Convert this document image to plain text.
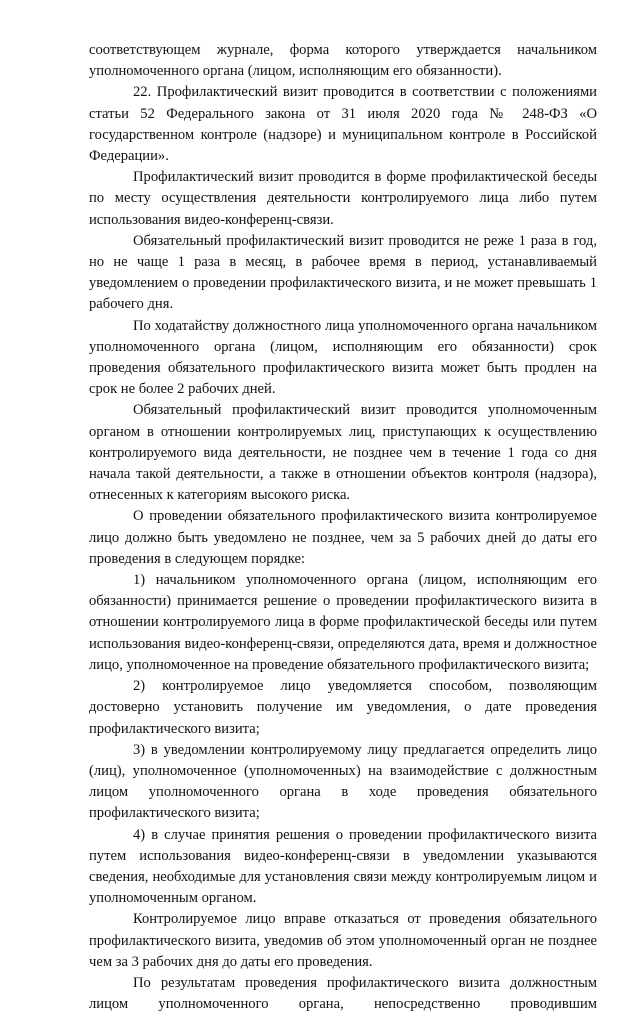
соответствующем журнале, форма которого утверждается начальником уполномоченного органа (лицом, исполняющим его обязанности).

22. Профилактический визит проводится в соответствии с положениями статьи 52 Федерального закона от 31 июля 2020 года № 248-ФЗ «О государственном контроле (надзоре) и муниципальном контроле в Российской Федерации».

Профилактический визит проводится в форме профилактической беседы по месту осуществления деятельности контролируемого лица либо путем использования видео-конференц-связи.

Обязательный профилактический визит проводится не реже 1 раза в год, но не чаще 1 раза в месяц, в рабочее время в период, устанавливаемый уведомлением о проведении профилактического визита, и не может превышать 1 рабочего дня.

По ходатайству должностного лица уполномоченного органа начальником уполномоченного органа (лицом, исполняющим его обязанности) срок проведения обязательного профилактического визита может быть продлен на срок не более 2 рабочих дней.

Обязательный профилактический визит проводится уполномоченным органом в отношении контролируемых лиц, приступающих к осуществлению контролируемого вида деятельности, не позднее чем в течение 1 года со дня начала такой деятельности, а также в отношении объектов контроля (надзора), отнесенных к категориям высокого риска.

О проведении обязательного профилактического визита контролируемое лицо должно быть уведомлено не позднее, чем за 5 рабочих дней до даты его проведения в следующем порядке:

1) начальником уполномоченного органа (лицом, исполняющим его обязанности) принимается решение о проведении профилактического визита в отношении контролируемого лица в форме профилактической беседы или путем использования видео-конференц-связи, определяются дата, время и должностное лицо, уполномоченное на проведение обязательного профилактического визита;

2) контролируемое лицо уведомляется способом, позволяющим достоверно установить получение им уведомления, о дате проведения профилактического визита;

3) в уведомлении контролируемому лицу предлагается определить лицо (лиц), уполномоченное (уполномоченных) на взаимодействие с должностным лицом уполномоченного органа в ходе проведения обязательного профилактического визита;

4) в случае принятия решения о проведении профилактического визита путем использования видео-конференц-связи в уведомлении указываются сведения, необходимые для установления связи между контролируемым лицом и уполномоченным органом.

Контролируемое лицо вправе отказаться от проведения обязательного профилактического визита, уведомив об этом уполномоченный орган не позднее чем за 3 рабочих дня до даты его проведения.

По результатам проведения профилактического визита должностным лицом уполномоченного органа, непосредственно проводившим
